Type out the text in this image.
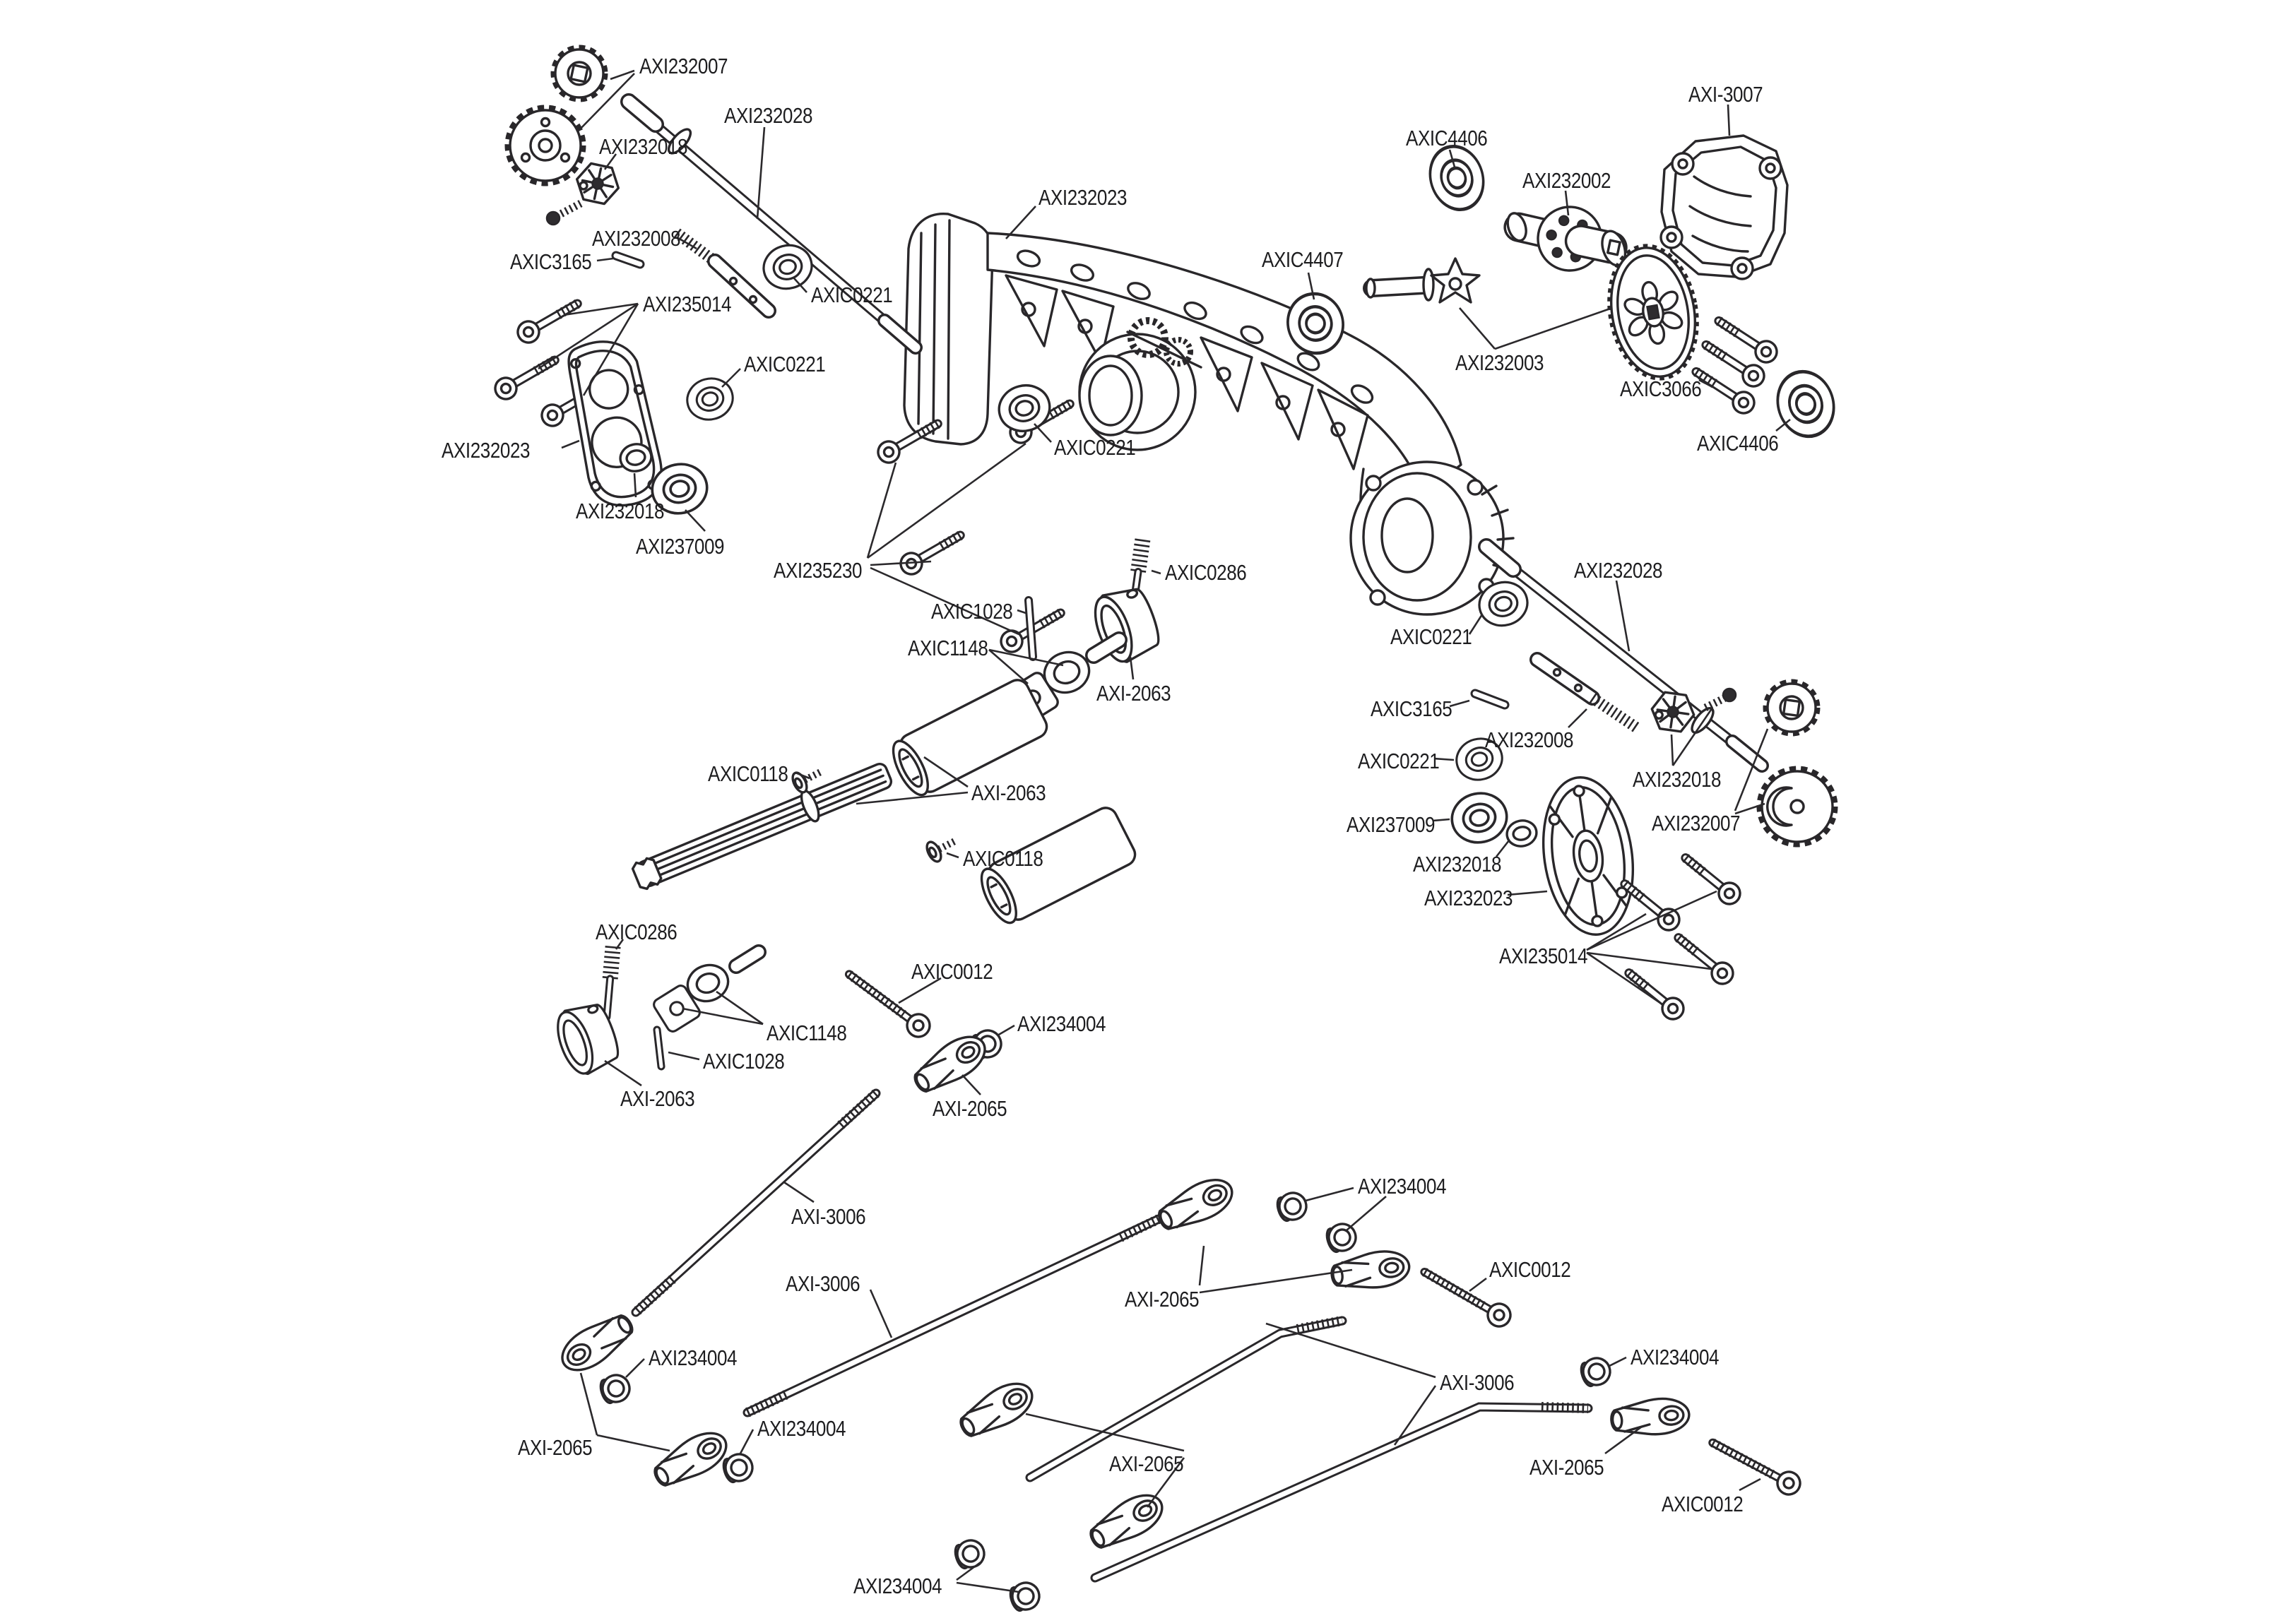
AXI232007
AXI232028
AXI232018
AXI232008
AXIC3165
AXI235014	AXIC0221
AXIC0221
AXI232023
AXI232018
AXI237009
AXI235230
AXIC0221
AXI232023
AXIC4406
AXI232002
AXI-3007
AXIC4407
AXI232003
AXIC3066
AXIC4406
AXI232028
AXIC0221
AXIC3165
AXI232008
AXIC0221
AXI237009
AXI232018
AXI232007
AXI232018
AXI232023
AXI235014
AXIC1028
AXIC1148
AXIC0286
AXI-2063
AXIC0118
AXI-2063
AXIC0118
AXIC0286
AXIC1148
AXIC1028
AXI-2063
AXIC0012
AXI234004
AXI-2065
AXI-3006
AXI-3006
AXI234004
AXI-2065
AXI234004
AXI234004
AXI-2065
AXIC0012
AXI-3006
AXI234004
AXI-2065
AXIC0012
AXI-2065
AXI234004
